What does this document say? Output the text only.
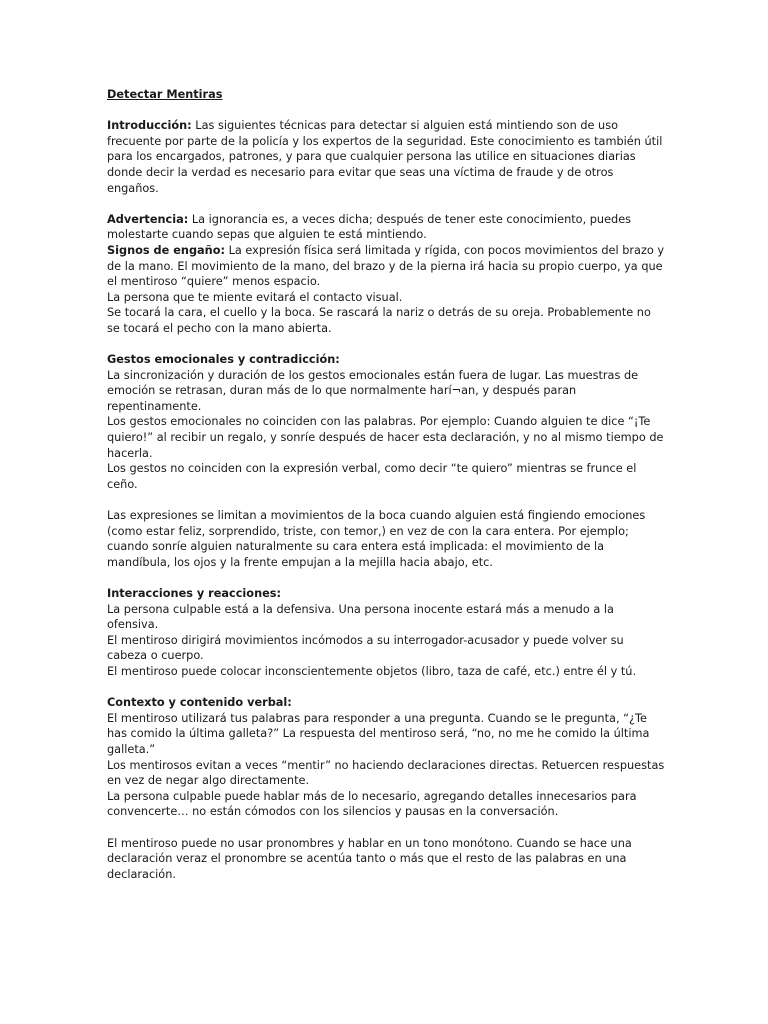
Detectar Mentiras

Introducción: Las siguientes técnicas para detectar si alguien está mintiendo son de uso frecuente por parte de la policía y los expertos de la seguridad. Este conocimiento es también útil para los encargados, patrones, y para que cualquier persona las utilice en situaciones diarias donde decir la verdad es necesario para evitar que seas una víctima de fraude y de otros engaños.

Advertencia: La ignorancia es, a veces dicha; después de tener este conocimiento, puedes molestarte cuando sepas que alguien te está mintiendo.

Signos de engaño: La expresión física será limitada y rígida, con pocos movimientos del brazo y de la mano. El movimiento de la mano, del brazo y de la pierna irá hacia su propio cuerpo, ya que el mentiroso “quiere” menos espacio.

La persona que te miente evitará el contacto visual.

Se tocará la cara, el cuello y la boca. Se rascará la nariz o detrás de su oreja. Probablemente no se tocará el pecho con la mano abierta.

Gestos emocionales y contradicción:

La sincronización y duración de los gestos emocionales están fuera de lugar. Las muestras de emoción se retrasan, duran más de lo que normalmente harí¬an, y después paran repentinamente.

Los gestos emocionales no coinciden con las palabras. Por ejemplo: Cuando alguien te dice “¡Te quiero!” al recibir un regalo, y sonríe después de hacer esta declaración, y no al mismo tiempo de hacerla.

Los gestos no coinciden con la expresión verbal, como decir “te quiero” mientras se frunce el ceño.

Las expresiones se limitan a movimientos de la boca cuando alguien está fingiendo emociones (como estar feliz, sorprendido, triste, con temor,) en vez de con la cara entera. Por ejemplo; cuando sonríe alguien naturalmente su cara entera está implicada: el movimiento de la mandíbula, los ojos y la frente empujan a la mejilla hacia abajo, etc.

Interacciones y reacciones:

La persona culpable está a la defensiva. Una persona inocente estará más a menudo a la ofensiva.

El mentiroso dirigirá movimientos incómodos a su interrogador-acusador y puede volver su cabeza o cuerpo.

El mentiroso puede colocar inconscientemente objetos (libro, taza de café, etc.) entre él y tú.

Contexto y contenido verbal:

El mentiroso utilizará tus palabras para responder a una pregunta. Cuando se le pregunta, “¿Te has comido la última galleta?” La respuesta del mentiroso será, “no, no me he comido la última galleta.”

Los mentirosos evitan a veces “mentir” no haciendo declaraciones directas. Retuercen respuestas en vez de negar algo directamente.

La persona culpable puede hablar más de lo necesario, agregando detalles innecesarios para convencerte… no están cómodos con los silencios y pausas en la conversación.

El mentiroso puede no usar pronombres y hablar en un tono monótono. Cuando se hace una declaración veraz el pronombre se acentúa tanto o más que el resto de las palabras en una declaración.
